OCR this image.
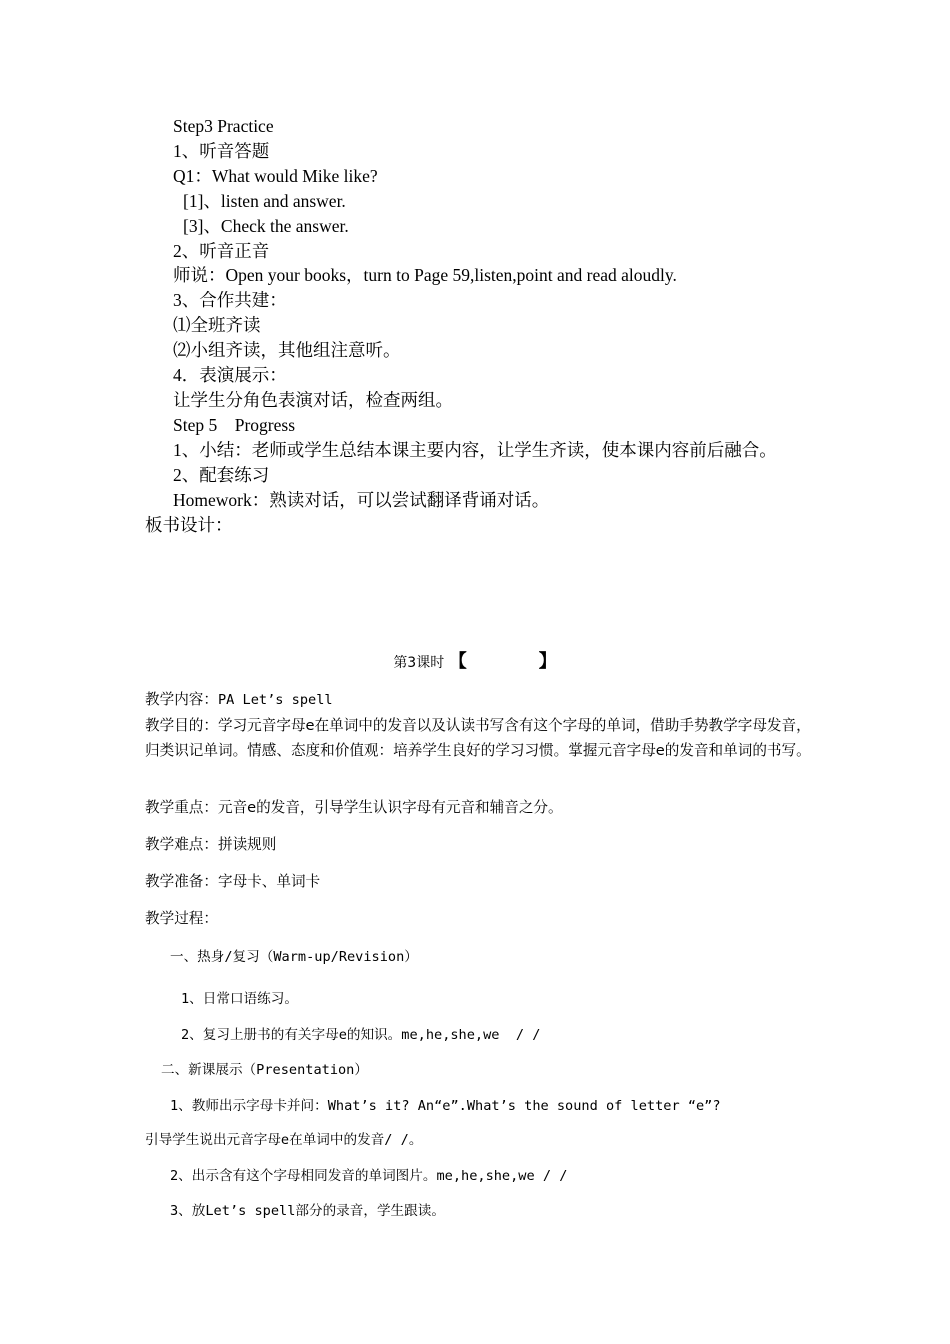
Step3 Practice
1、听音答题
Q1：What would Mike like?
[1]、listen and answer.
[3]、Check the answer.
2、听音正音
师说：Open your books，turn to Page 59,listen,point and read aloudly.
3、合作共建：
⑴全班齐读
⑵小组齐读，其他组注意听。
4．表演展示：
让学生分角色表演对话，检查两组。
Step 5    Progress
1、小结：老师或学生总结本课主要内容，让学生齐读，使本课内容前后融合。
2、配套练习
Homework：熟读对话，可以尝试翻译背诵对话。
板书设计：
第3课时 【	】
教学内容：PA Let’s spell

教学目的：学习元音字母e在单词中的发音以及认读书写含有这个字母的单词，借助手势教学字母发音，归类识记单词。情感、态度和价值观：培养学生良好的学习习惯。掌握元音字母e的发音和单词的书写。

教学重点：元音e的发音，引导学生认识字母有元音和辅音之分。
教学难点：拼读规则
教学准备：字母卡、单词卡
教学过程：
一、热身/复习（Warm-up/Revision）
1、日常口语练习。
2、复习上册书的有关字母e的知识。me,he,she,we  / /
二、新课展示（Presentation）
1、教师出示字母卡并问：What’s it? An“e”.What’s the sound of letter “e”?
引导学生说出元音字母e在单词中的发音/ /。
2、出示含有这个字母相同发音的单词图片。me,he,she,we / /
3、放Let’s spell部分的录音，学生跟读。
